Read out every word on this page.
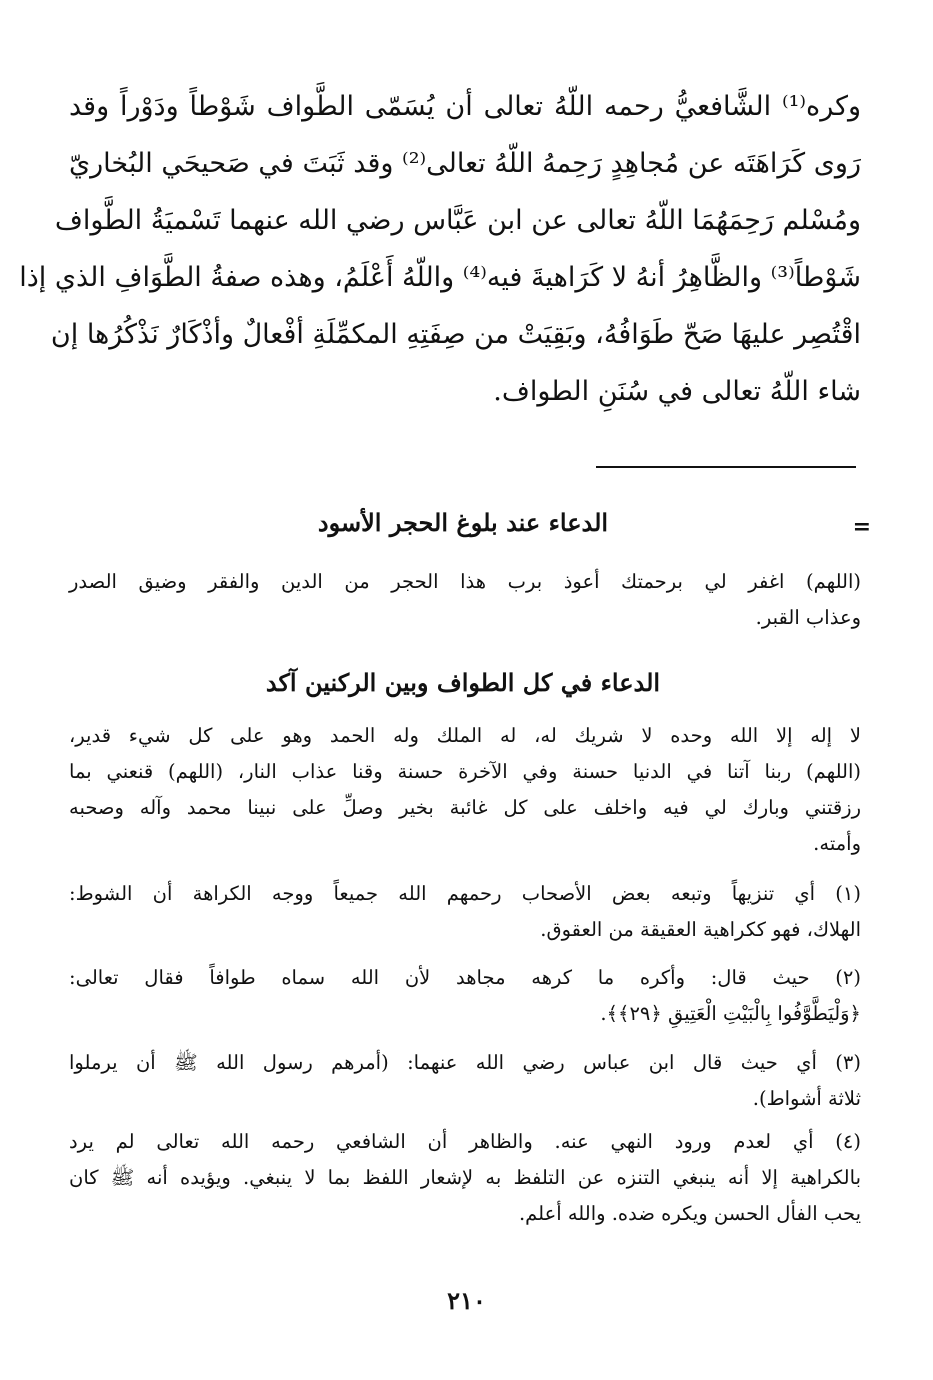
وكره⁽¹⁾ الشَّافعيُّ رحمه اللّهُ تعالى أن يُسَمّى الطَّواف شَوْطاً ودَوْراً وقد
رَوى كَرَاهَتَه عن مُجاهِدٍ رَحِمهُ اللّهُ تعالى⁽²⁾ وقد ثَبَتَ في صَحيحَي البُخاريّ
ومُسْلم رَحِمَهُمَا اللّهُ تعالى عن ابن عَبَّاس رضي الله عنهما تَسْميَةُ الطَّواف
شَوْطاً⁽³⁾ والظَّاهِرُ أنهُ لا كَرَاهيةَ فيه⁽⁴⁾ واللّهُ أَعْلَمُ، وهذه صفةُ الطَّوَافِ الذي إذا
اقْتُصِر عليهَا صَحّ طَوَافُهُ، وبَقِيَتْ من صِفَتِهِ المكمِّلَةِ أفْعالٌ وأذْكَارٌ نَذْكُرُها إن
شاء اللّهُ تعالى في سُنَنِ الطواف.
=
الدعاء عند بلوغ الحجر الأسود
(اللهم) اغفر لي برحمتك أعوذ برب هذا الحجر من الدين والفقر وضيق الصدر
وعذاب القبر.
الدعاء في كل الطواف وبين الركنين آكد
لا إله إلا الله وحده لا شريك له، له الملك وله الحمد وهو على كل شيء قدير،
(اللهم) ربنا آتنا في الدنيا حسنة وفي الآخرة حسنة وقنا عذاب النار، (اللهم) قنعني بما
رزقتني وبارك لي فيه واخلف على كل غائبة بخير وصلِّ على نبينا محمد وآله وصحبه
وأمته.
(١) أي تنزيهاً وتبعه بعض الأصحاب رحمهم الله جميعاً ووجه الكراهة أن الشوط:
الهلاك، فهو ككراهية العقيقة من العقوق.
(٢) حيث قال: وأكره ما كرهه مجاهد لأن الله سماه طوافاً فقال تعالى:
﴿وَلْيَطَّوَّفُوا بِالْبَيْتِ الْعَتِيقِ ﴿٢٩﴾﴾.
(٣) أي حيث قال ابن عباس رضي الله عنهما: (أمرهم رسول الله ﷺ أن يرملوا
ثلاثة أشواط).
(٤) أي لعدم ورود النهي عنه. والظاهر أن الشافعي رحمه الله تعالى لم يرد
بالكراهية إلا أنه ينبغي التنزه عن التلفظ به لإشعار اللفظ بما لا ينبغي. ويؤيده أنه ﷺ كان
يحب الفأل الحسن ويكره ضده. والله أعلم.
٢١٠
